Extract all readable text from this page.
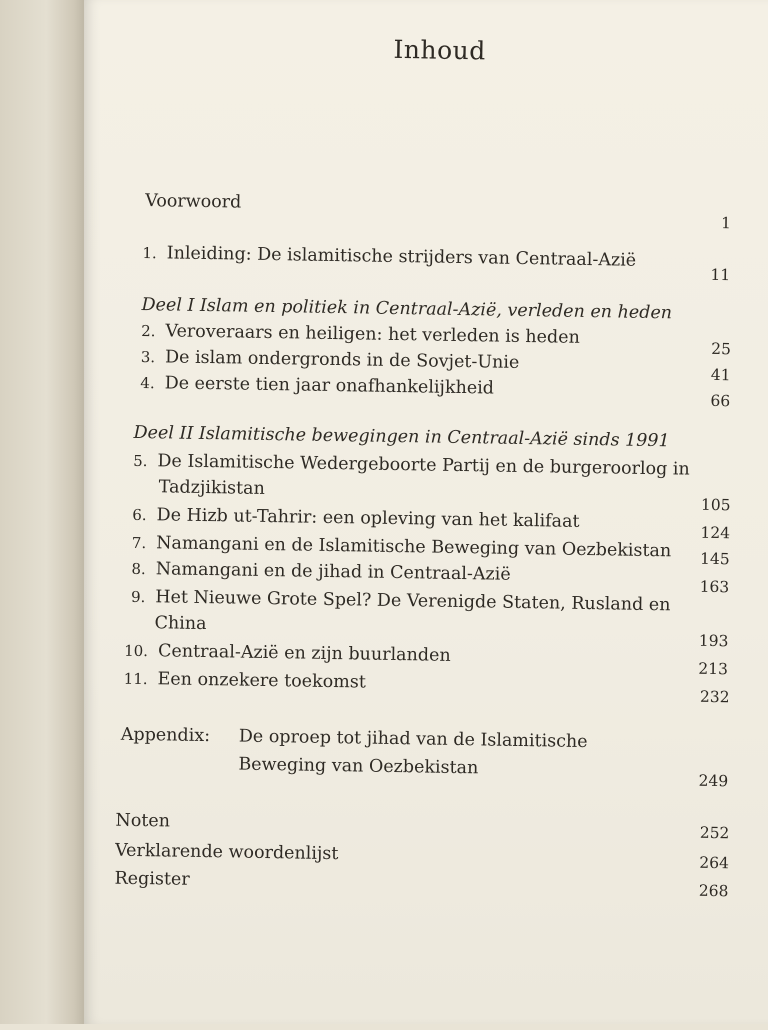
Inhoud
Voorwoord
1
1. Inleiding: De islamitische strijders van Centraal-Azië
11
Deel I Islam en politiek in Centraal-Azië, verleden en heden
2. Veroveraars en heiligen: het verleden is heden
25
3. De islam ondergronds in de Sovjet-Unie
41
4. De eerste tien jaar onafhankelijkheid
66
Deel II Islamitische bewegingen in Centraal-Azië sinds 1991
5. De Islamitische Wedergeboorte Partij en de burgeroorlog in
Tadzjikistan
105
6. De Hizb ut-Tahrir: een opleving van het kalifaat
124
7. Namangani en de Islamitische Beweging van Oezbekistan	145
8. Namangani en de jihad in Centraal-Azië
163
9. Het Nieuwe Grote Spel? De Verenigde Staten, Rusland en
China
193
10. Centraal-Azië en zijn buurlanden
213
11. Een onzekere toekomst
232
Appendix: De oproep tot jihad van de Islamitische
Beweging van Oezbekistan
249
Noten
252
Verklarende woordenlijst	264
Register
268
